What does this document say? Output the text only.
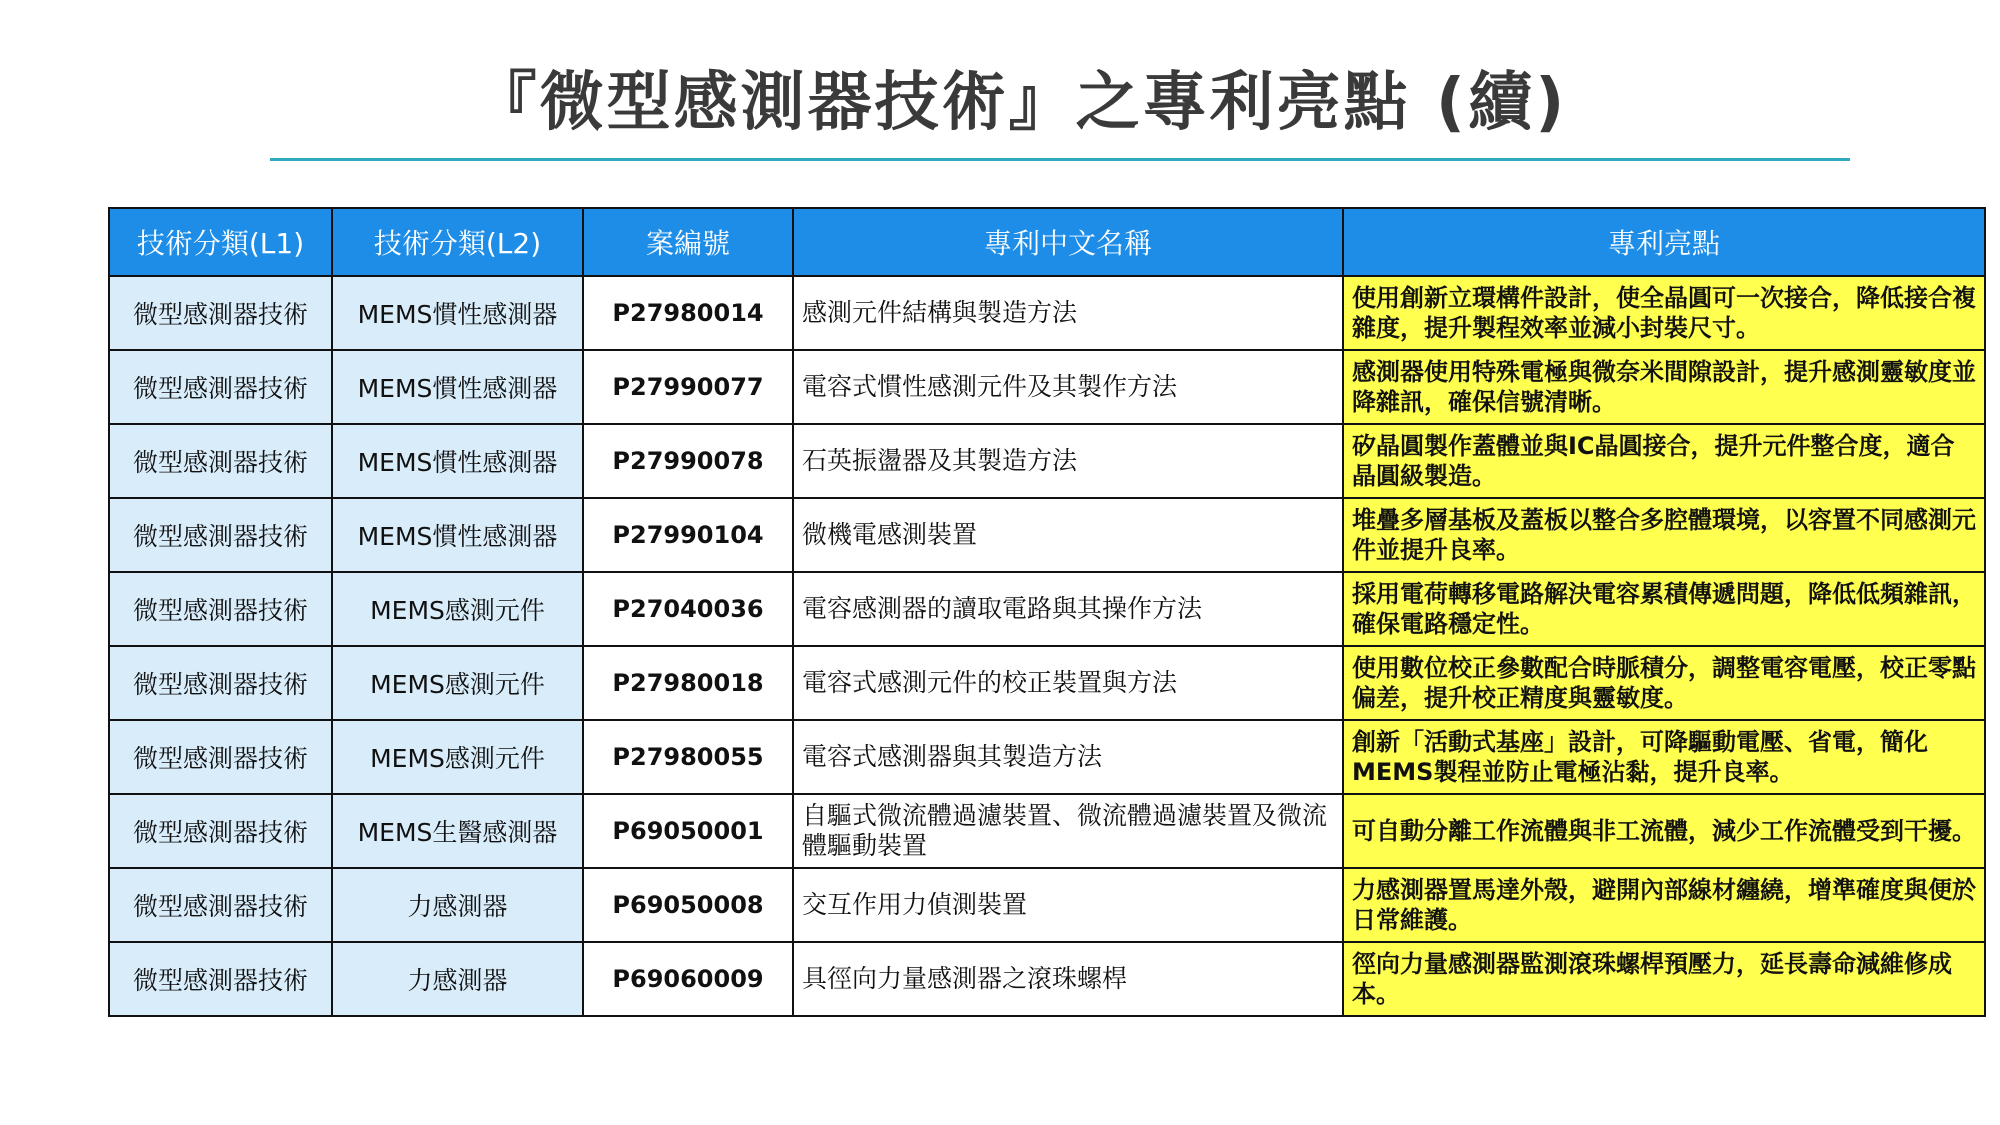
『微型感測器技術』之專利亮點 (續)
技術分類(L1)	技術分類(L2)	案編號	專利中文名稱	專利亮點
微型感測器技術	MEMS慣性感測器	P27980014	感測元件結構與製造方法	使用創新立環構件設計，使全晶圓可一次接合，降低接合複雜度，提升製程效率並減小封裝尺寸。
微型感測器技術	MEMS慣性感測器	P27990077	電容式慣性感測元件及其製作方法	感測器使用特殊電極與微奈米間隙設計，提升感測靈敏度並降雜訊，確保信號清晰。
微型感測器技術	MEMS慣性感測器	P27990078	石英振盪器及其製造方法	矽晶圓製作蓋體並與IC晶圓接合，提升元件整合度，適合晶圓級製造。
微型感測器技術	MEMS慣性感測器	P27990104	微機電感測裝置	堆疊多層基板及蓋板以整合多腔體環境，以容置不同感測元件並提升良率。
微型感測器技術	MEMS感測元件	P27040036	電容感測器的讀取電路與其操作方法	採用電荷轉移電路解決電容累積傳遞問題，降低低頻雜訊，確保電路穩定性。
微型感測器技術	MEMS感測元件	P27980018	電容式感測元件的校正裝置與方法	使用數位校正參數配合時脈積分，調整電容電壓，校正零點偏差，提升校正精度與靈敏度。
微型感測器技術	MEMS感測元件	P27980055	電容式感測器與其製造方法	創新「活動式基座」設計，可降驅動電壓、省電，簡化MEMS製程並防止電極沾黏，提升良率。
微型感測器技術	MEMS生醫感測器	P69050001	自驅式微流體過濾裝置、微流體過濾裝置及微流體驅動裝置	可自動分離工作流體與非工流體，減少工作流體受到干擾。
微型感測器技術	力感測器	P69050008	交互作用力偵測裝置	力感測器置馬達外殼，避開內部線材纏繞，增準確度與便於日常維護。
微型感測器技術	力感測器	P69060009	具徑向力量感測器之滾珠螺桿	徑向力量感測器監測滾珠螺桿預壓力，延長壽命減維修成本。
